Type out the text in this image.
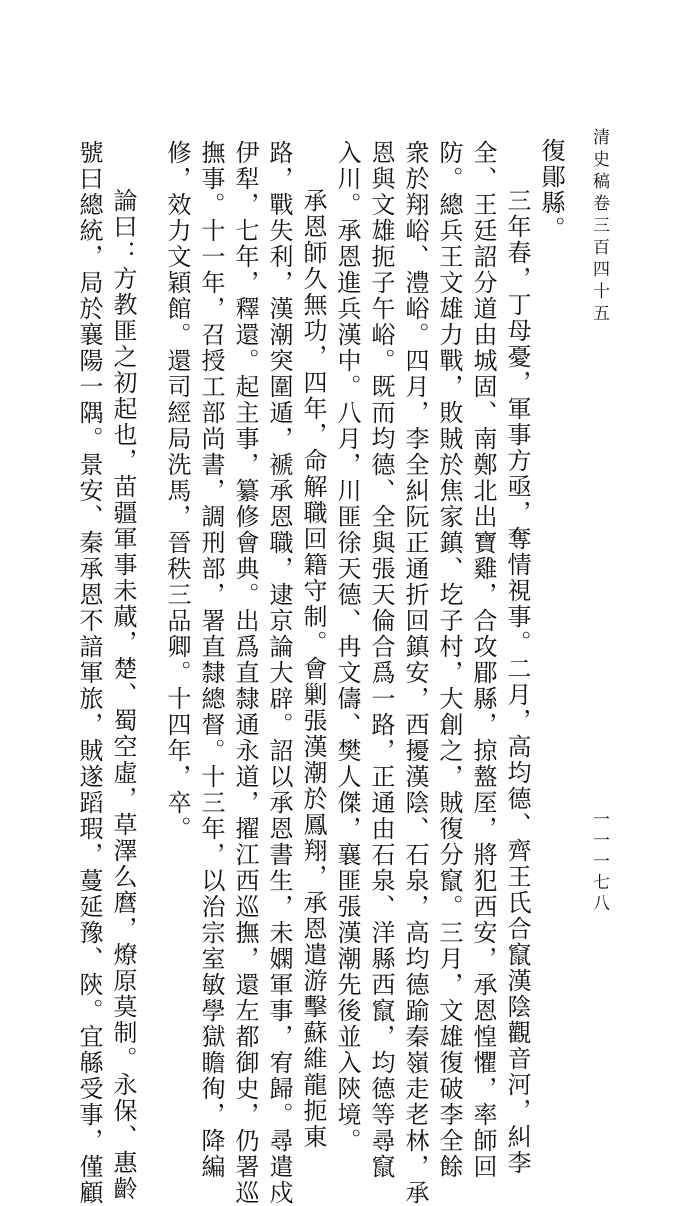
清史稿卷三百四十五
一一一七八
復鄖縣。
三年春，丁母憂，軍事方亟，奪情視事。二月，高均德、齊王氏合竄漢陰觀音河，糾李
全、王廷詔分道由城固、南鄭北出寶雞，合攻郿縣，掠盩厔，將犯西安，承恩惶懼，率師回
防。總兵王文雄力戰，敗賊於焦家鎮、圪子村，大創之，賊復分竄。三月，文雄復破李全餘
衆於翔峪、澧峪。四月，李全糾阮正通折回鎮安，西擾漢陰、石泉，高均德踰秦嶺走老林，承
恩與文雄扼子午峪。既而均德、全與張天倫合爲一路，正通由石泉、洋縣西竄，均德等尋竄
入川。承恩進兵漢中。八月，川匪徐天德、冉文儔、樊人傑，襄匪張漢潮先後並入陝境。
承恩師久無功，四年，命解職回籍守制。會剿張漢潮於鳳翔，承恩遣游擊蘇維龍扼東
路，戰失利，漢潮突圍遁，褫承恩職，逮京論大辟。詔以承恩書生，未嫻軍事，宥歸。尋遣戍
伊犁，七年，釋還。起主事，纂修會典。出爲直隸通永道，擢江西巡撫，還左都御史，仍署巡
撫事。十一年，召授工部尚書，調刑部，署直隸總督。十三年，以治宗室敏學獄瞻徇，降編
修，效力文穎館。還司經局洗馬，晉秩三品卿。十四年，卒。
論曰：方教匪之初起也，苗疆軍事未蕆，楚、蜀空虛，草澤么麿，燎原莫制。永保、惠齡
號曰總統，局於襄陽一隅。景安、秦承恩不諳軍旅，賊遂蹈瑕，蔓延豫、陝。宜緜受事，僅顧
